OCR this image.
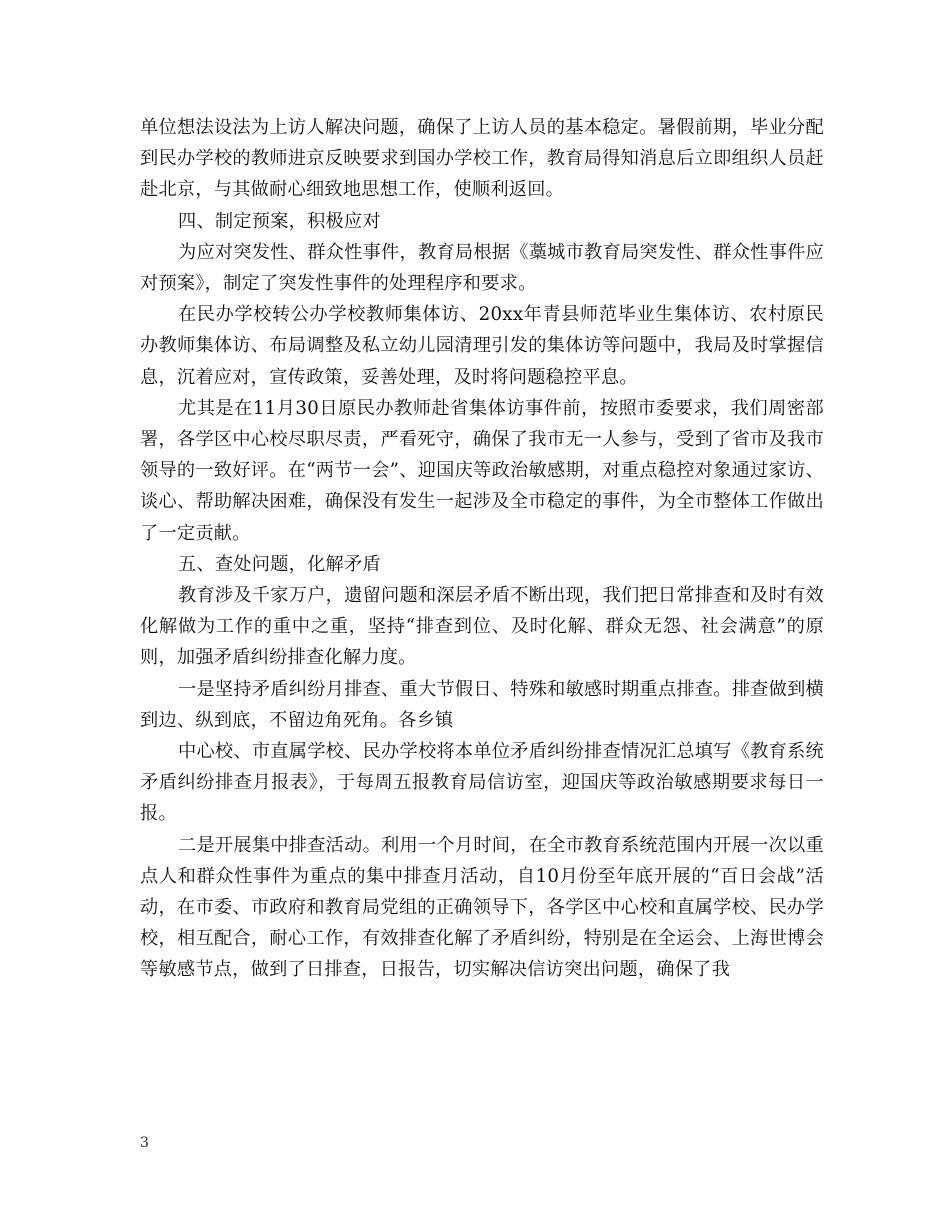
单位想法设法为上访人解决问题，确保了上访人员的基本稳定。暑假前期，毕业分配到民办学校的教师进京反映要求到国办学校工作，教育局得知消息后立即组织人员赶赴北京，与其做耐心细致地思想工作，使顺利返回。

四、制定预案，积极应对

为应对突发性、群众性事件，教育局根据《藁城市教育局突发性、群众性事件应对预案》，制定了突发性事件的处理程序和要求。

在民办学校转公办学校教师集体访、20xx年青县师范毕业生集体访、农村原民办教师集体访、布局调整及私立幼儿园清理引发的集体访等问题中，我局及时掌握信息，沉着应对，宣传政策，妥善处理，及时将问题稳控平息。

尤其是在11月30日原民办教师赴省集体访事件前，按照市委要求，我们周密部署，各学区中心校尽职尽责，严看死守，确保了我市无一人参与，受到了省市及我市领导的一致好评。在“两节一会”、迎国庆等政治敏感期，对重点稳控对象通过家访、谈心、帮助解决困难，确保没有发生一起涉及全市稳定的事件，为全市整体工作做出了一定贡献。

五、查处问题，化解矛盾

教育涉及千家万户，遗留问题和深层矛盾不断出现，我们把日常排查和及时有效化解做为工作的重中之重，坚持“排查到位、及时化解、群众无怨、社会满意”的原则，加强矛盾纠纷排查化解力度。

一是坚持矛盾纠纷月排查、重大节假日、特殊和敏感时期重点排查。排查做到横到边、纵到底，不留边角死角。各乡镇

中心校、市直属学校、民办学校将本单位矛盾纠纷排查情况汇总填写《教育系统矛盾纠纷排查月报表》，于每周五报教育局信访室，迎国庆等政治敏感期要求每日一报。

二是开展集中排查活动。利用一个月时间，在全市教育系统范围内开展一次以重点人和群众性事件为重点的集中排查月活动，自10月份至年底开展的“百日会战”活动，在市委、市政府和教育局党组的正确领导下，各学区中心校和直属学校、民办学校，相互配合，耐心工作，有效排查化解了矛盾纠纷，特别是在全运会、上海世博会等敏感节点，做到了日排查，日报告，切实解决信访突出问题，确保了我

3
